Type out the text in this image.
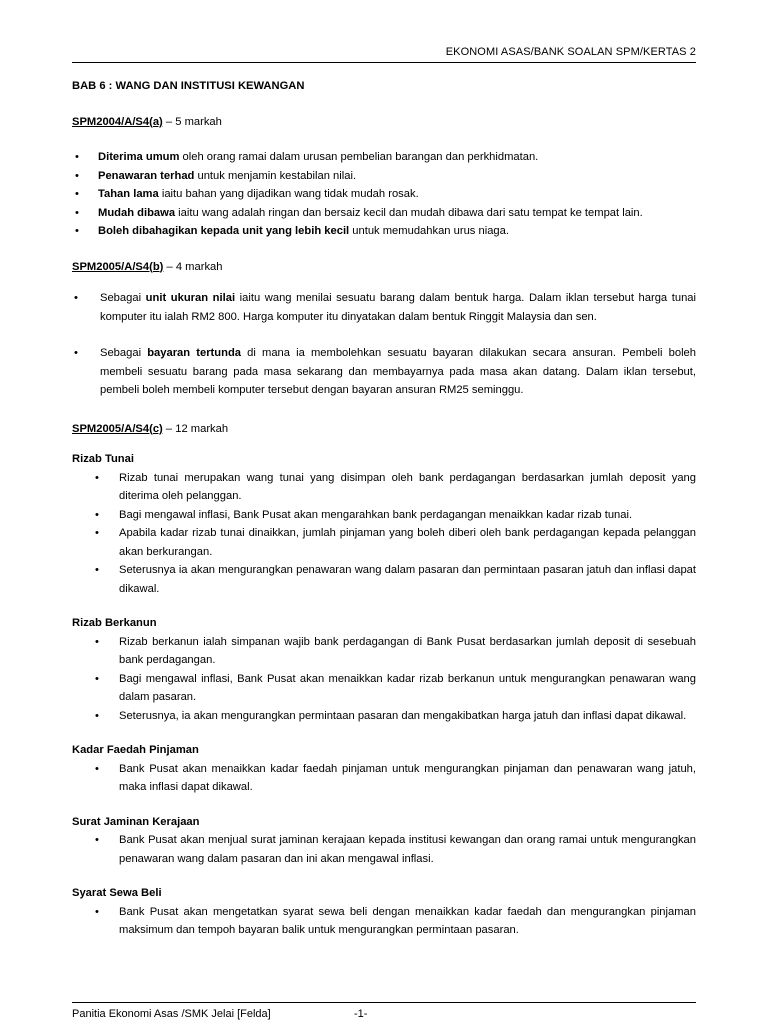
EKONOMI ASAS/BANK SOALAN SPM/KERTAS 2

BAB 6 : WANG DAN INSTITUSI KEWANGAN

SPM2004/A/S4(a) – 5 markah

• Diterima umum oleh orang ramai dalam urusan pembelian barangan dan perkhidmatan.
• Penawaran terhad untuk menjamin kestabilan nilai.
• Tahan lama iaitu bahan yang dijadikan wang tidak mudah rosak.
• Mudah dibawa iaitu wang adalah ringan dan bersaiz kecil dan mudah dibawa dari satu tempat ke tempat lain.
• Boleh dibahagikan kepada unit yang lebih kecil untuk memudahkan urus niaga.

SPM2005/A/S4(b) – 4 markah

• Sebagai unit ukuran nilai iaitu wang menilai sesuatu barang dalam bentuk harga. Dalam iklan tersebut harga tunai komputer itu ialah RM2 800. Harga komputer itu dinyatakan dalam bentuk Ringgit Malaysia dan sen.
• Sebagai bayaran tertunda di mana ia membolehkan sesuatu bayaran dilakukan secara ansuran. Pembeli boleh membeli sesuatu barang pada masa sekarang dan membayarnya pada masa akan datang. Dalam iklan tersebut, pembeli boleh membeli komputer tersebut dengan bayaran ansuran RM25 seminggu.

SPM2005/A/S4(c) – 12 markah

Rizab Tunai

• Rizab tunai merupakan wang tunai yang disimpan oleh bank perdagangan berdasarkan jumlah deposit yang diterima oleh pelanggan.
• Bagi mengawal inflasi, Bank Pusat akan mengarahkan bank perdagangan menaikkan kadar rizab tunai.
• Apabila kadar rizab tunai dinaikkan, jumlah pinjaman yang boleh diberi oleh bank perdagangan kepada pelanggan akan berkurangan.
• Seterusnya ia akan mengurangkan penawaran wang dalam pasaran dan permintaan pasaran jatuh dan inflasi dapat dikawal.

Rizab Berkanun

• Rizab berkanun ialah simpanan wajib bank perdagangan di Bank Pusat berdasarkan jumlah deposit di sesebuah bank perdagangan.
• Bagi mengawal inflasi, Bank Pusat akan menaikkan kadar rizab berkanun untuk mengurangkan penawaran wang dalam pasaran.
• Seterusnya, ia akan mengurangkan permintaan pasaran dan mengakibatkan harga jatuh dan inflasi dapat dikawal.

Kadar Faedah Pinjaman

• Bank Pusat akan menaikkan kadar faedah pinjaman untuk mengurangkan pinjaman dan penawaran wang jatuh, maka inflasi dapat dikawal.

Surat Jaminan Kerajaan

• Bank Pusat akan menjual surat jaminan kerajaan kepada institusi kewangan dan orang ramai untuk mengurangkan penawaran wang dalam pasaran dan ini akan mengawal inflasi.

Syarat Sewa Beli

• Bank Pusat akan mengetatkan syarat sewa beli dengan menaikkan kadar faedah dan mengurangkan pinjaman maksimum dan tempoh bayaran balik untuk mengurangkan permintaan pasaran.
Panitia Ekonomi Asas /SMK Jelai [Felda]	-1-
